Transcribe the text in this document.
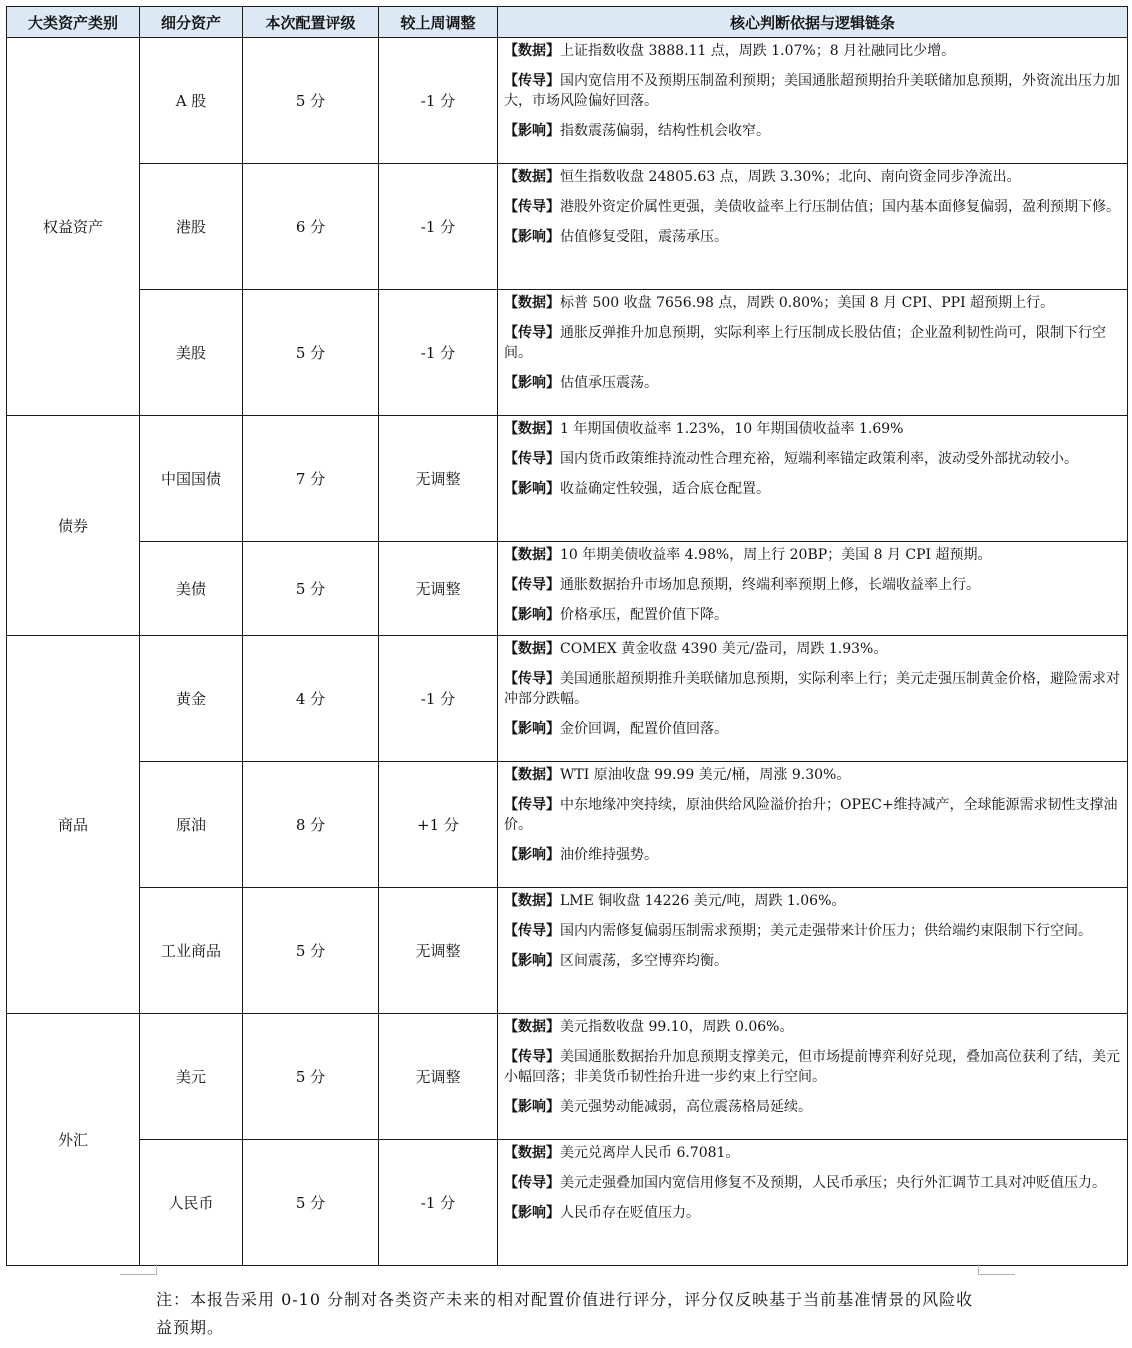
大类资产类别	细分资产	本次配置评级	较上周调整	核心判断依据与逻辑链条
权益资产	A 股	5 分	-1 分	【数据】上证指数收盘 3888.11 点，周跌 1.07%；8 月社融同比少增。
【传导】国内宽信用不及预期压制盈利预期；美国通胀超预期抬升美联储加息预期，外资流出压力加大，市场风险偏好回落。
【影响】指数震荡偏弱，结构性机会收窄。

	港股	6 分	-1 分	【数据】恒生指数收盘 24805.63 点，周跌 3.30%；北向、南向资金同步净流出。
【传导】港股外资定价属性更强，美债收益率上行压制估值；国内基本面修复偏弱，盈利预期下修。
【影响】估值修复受阻，震荡承压。

	美股	5 分	-1 分	【数据】标普 500 收盘 7656.98 点，周跌 0.80%；美国 8 月 CPI、PPI 超预期上行。
【传导】通胀反弹推升加息预期，实际利率上行压制成长股估值；企业盈利韧性尚可，限制下行空间。
【影响】估值承压震荡。

债券	中国国债	7 分	无调整	【数据】1 年期国债收益率 1.23%，10 年期国债收益率 1.69%
【传导】国内货币政策维持流动性合理充裕，短端利率锚定政策利率，波动受外部扰动较小。
【影响】收益确定性较强，适合底仓配置。

	美债	5 分	无调整	【数据】10 年期美债收益率 4.98%，周上行 20BP；美国 8 月 CPI 超预期。
【传导】通胀数据抬升市场加息预期，终端利率预期上修，长端收益率上行。
【影响】价格承压，配置价值下降。

商品	黄金	4 分	-1 分	【数据】COMEX 黄金收盘 4390 美元/盎司，周跌 1.93%。
【传导】美国通胀超预期推升美联储加息预期，实际利率上行；美元走强压制黄金价格，避险需求对冲部分跌幅。
【影响】金价回调，配置价值回落。

	原油	8 分	+1 分	【数据】WTI 原油收盘 99.99 美元/桶，周涨 9.30%。
【传导】中东地缘冲突持续，原油供给风险溢价抬升；OPEC+维持减产，全球能源需求韧性支撑油价。
【影响】油价维持强势。

	工业商品	5 分	无调整	【数据】LME 铜收盘 14226 美元/吨，周跌 1.06%。
【传导】国内内需修复偏弱压制需求预期；美元走强带来计价压力；供给端约束限制下行空间。
【影响】区间震荡，多空博弈均衡。

外汇	美元	5 分	无调整	【数据】美元指数收盘 99.10，周跌 0.06%。
【传导】美国通胀数据抬升加息预期支撑美元，但市场提前博弈利好兑现，叠加高位获利了结，美元小幅回落；非美货币韧性抬升进一步约束上行空间。
【影响】美元强势动能减弱，高位震荡格局延续。

	人民币	5 分	-1 分	【数据】美元兑离岸人民币 6.7081。
【传导】美元走强叠加国内宽信用修复不及预期，人民币承压；央行外汇调节工具对冲贬值压力。
【影响】人民币存在贬值压力。
注：本报告采用 0-10 分制对各类资产未来的相对配置价值进行评分，评分仅反映基于当前基准情景的风险收益预期。
